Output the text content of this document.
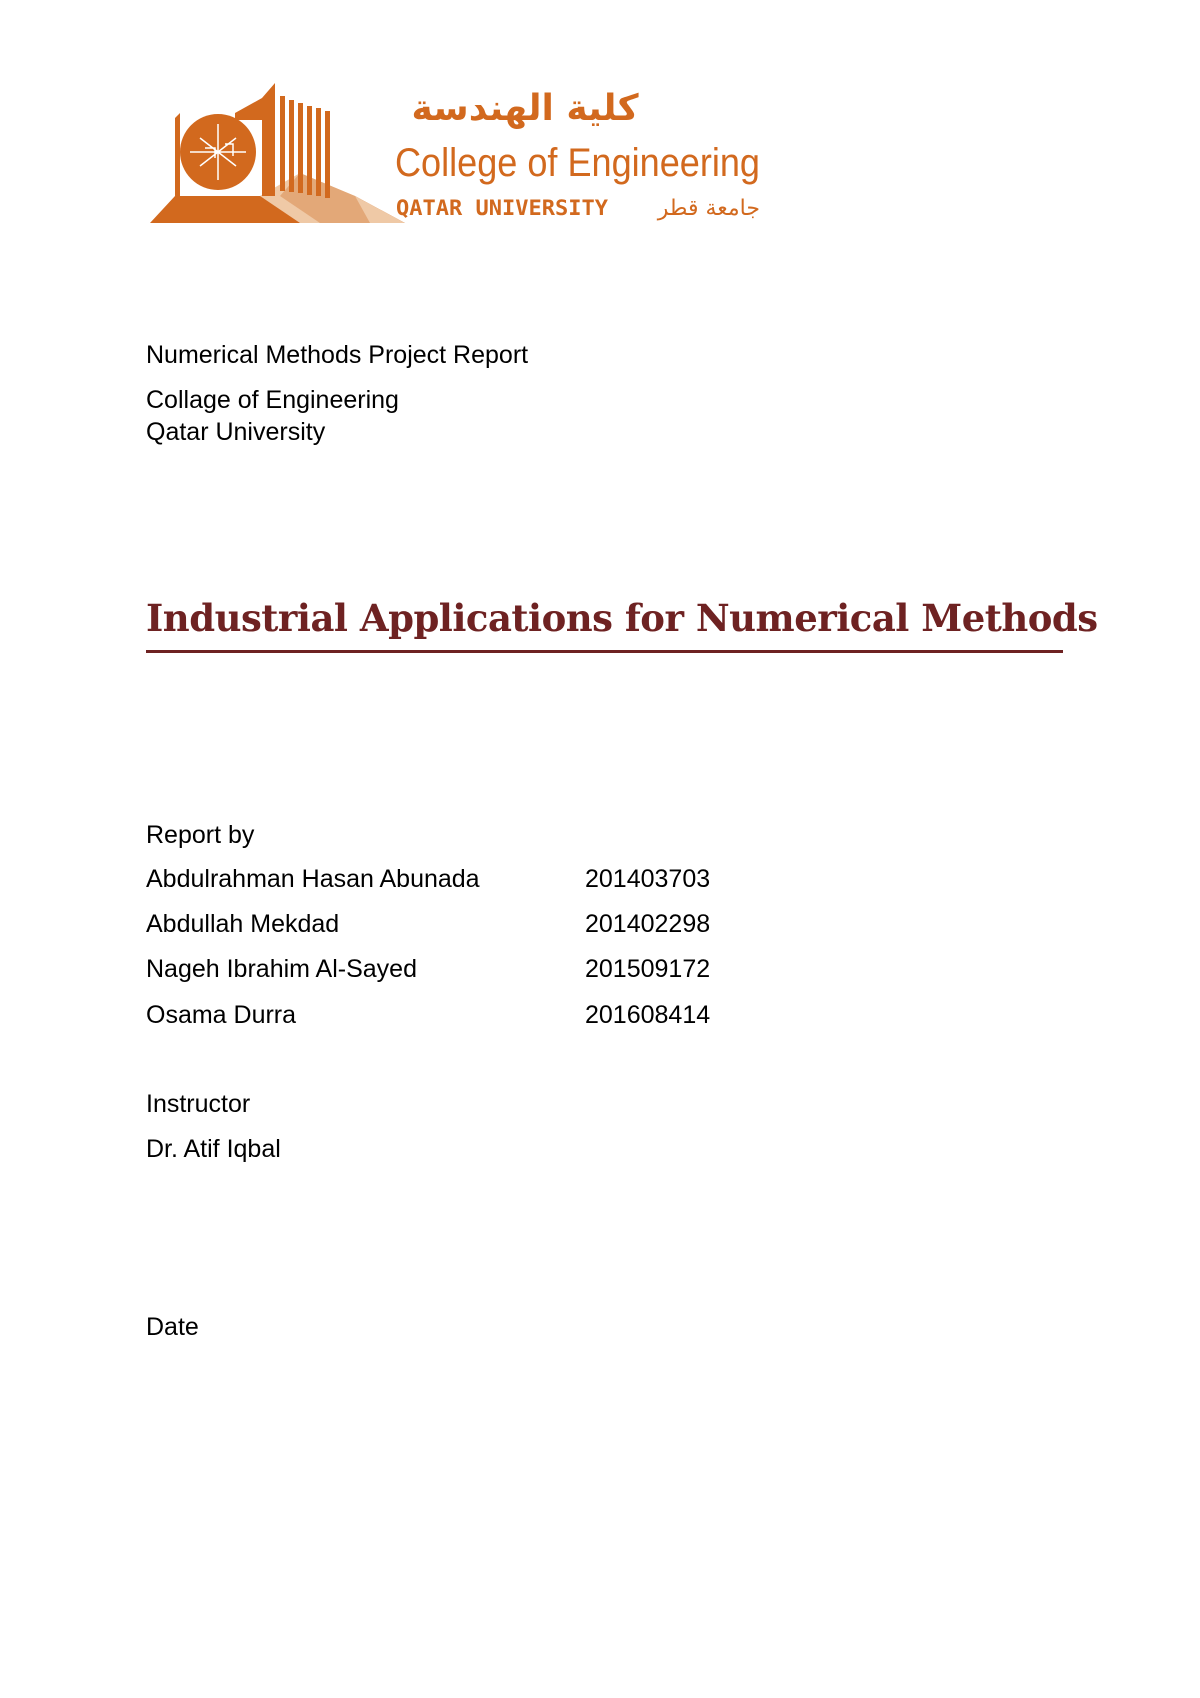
كلية الهندسة
College of Engineering
QATAR UNIVERSITY جامعة قطر
Numerical Methods Project Report
Collage of Engineering
Qatar University
Industrial Applications for Numerical Methods
Report by
Abdulrahman Hasan Abunada	201403703
Abdullah Mekdad	201402298
Nageh Ibrahim Al-Sayed	201509172
Osama Durra	201608414
Instructor
Dr. Atif Iqbal
Date
